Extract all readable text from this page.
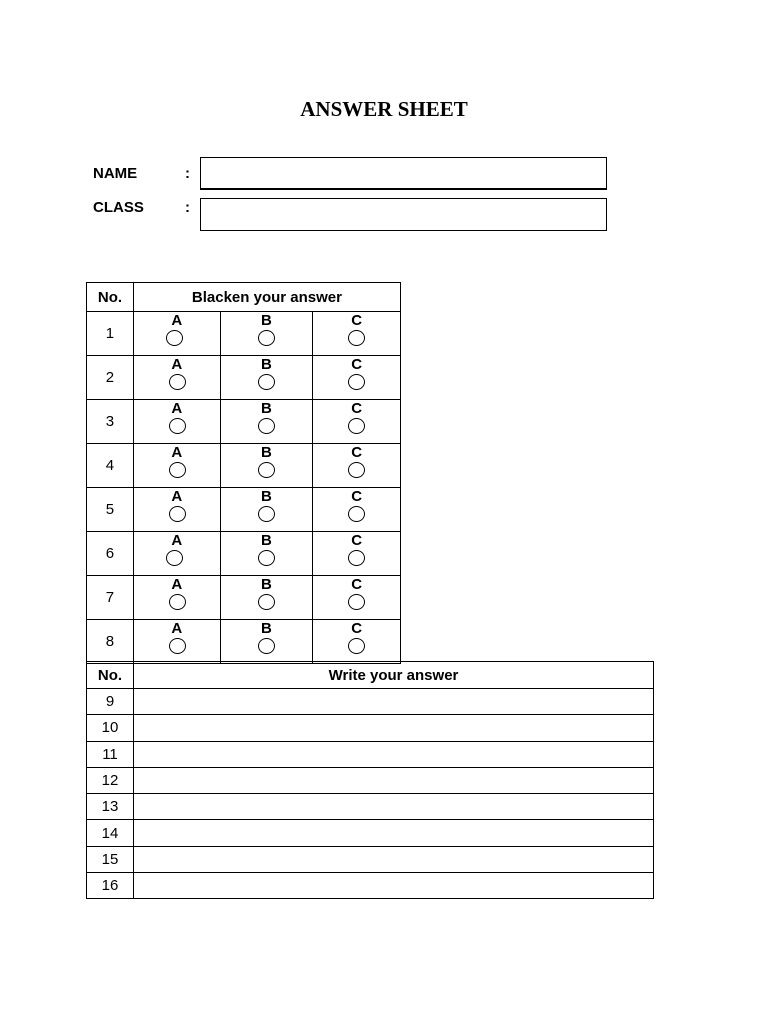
ANSWER SHEET
NAME	:
CLASS	:
No.	Blacken your answer		
1	A	B	C

2	A	B	C

3	A	B	C

4	A	B	C

5	A	B	C

6	A	B	C

7	A	B	C

8	A	B	C
No.	Write your answer
9	
10	
11	
12	
13	
14	
15	
16	
